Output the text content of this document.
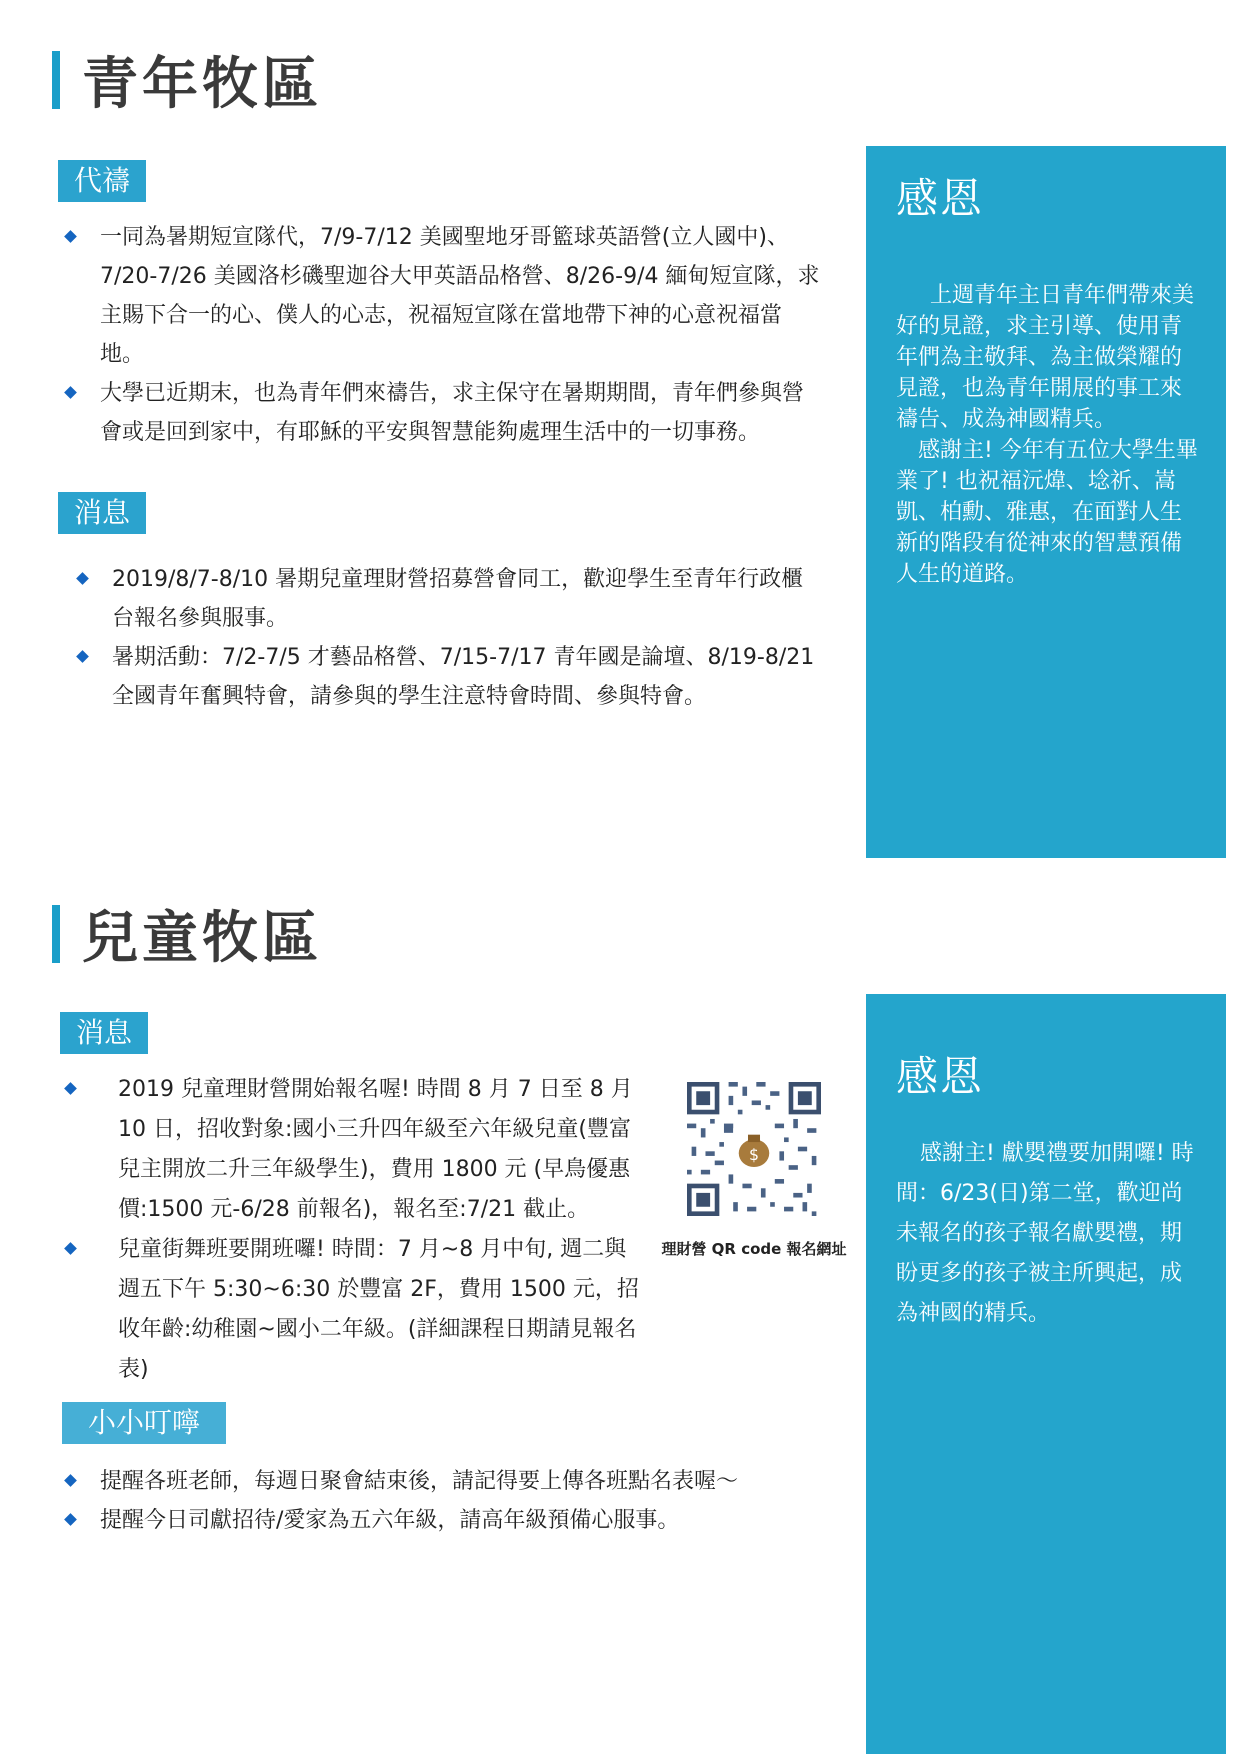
青年牧區
代禱
一同為暑期短宣隊代，7/9-7/12 美國聖地牙哥籃球英語營(立人國中)、7/20-7/26 美國洛杉磯聖迦谷大甲英語品格營、8/26-9/4 緬甸短宣隊，求主賜下合一的心、僕人的心志，祝福短宣隊在當地帶下神的心意祝福當地。
大學已近期末，也為青年們來禱告，求主保守在暑期期間，青年們參與營會或是回到家中，有耶穌的平安與智慧能夠處理生活中的一切事務。
消息
2019/8/7-8/10 暑期兒童理財營招募營會同工，歡迎學生至青年行政櫃台報名參與服事。
暑期活動：7/2-7/5 才藝品格營、7/15-7/17 青年國是論壇、8/19-8/21 全國青年奮興特會，請參與的學生注意特會時間、參與特會。
感恩
上週青年主日青年們帶來美好的見證，求主引導、使用青年們為主敬拜、為主做榮耀的見證，也為青年開展的事工來禱告、成為神國精兵。
感謝主! 今年有五位大學生畢業了! 也祝福沅煒、埝祈、嵩凱、柏勳、雅惠，在面對人生新的階段有從神來的智慧預備人生的道路。
兒童牧區
消息
2019 兒童理財營開始報名喔! 時間 8 月 7 日至 8 月 10 日，招收對象:國小三升四年級至六年級兒童(豐富兒主開放二升三年級學生)，費用 1800 元 (早鳥優惠價:1500 元-6/28 前報名)，報名至:7/21 截止。
兒童街舞班要開班囉! 時間：7 月~8 月中旬, 週二與週五下午 5:30~6:30 於豐富 2F，費用 1500 元，招收年齡:幼稚園~國小二年級。(詳細課程日期請見報名表)
$
理財營 QR code 報名網址
小小叮嚀
提醒各班老師，每週日聚會結束後，請記得要上傳各班點名表喔～
提醒今日司獻招待/愛家為五六年級，請高年級預備心服事。
感恩
感謝主! 獻嬰禮要加開囉! 時間：6/23(日)第二堂，歡迎尚未報名的孩子報名獻嬰禮，期盼更多的孩子被主所興起，成為神國的精兵。
